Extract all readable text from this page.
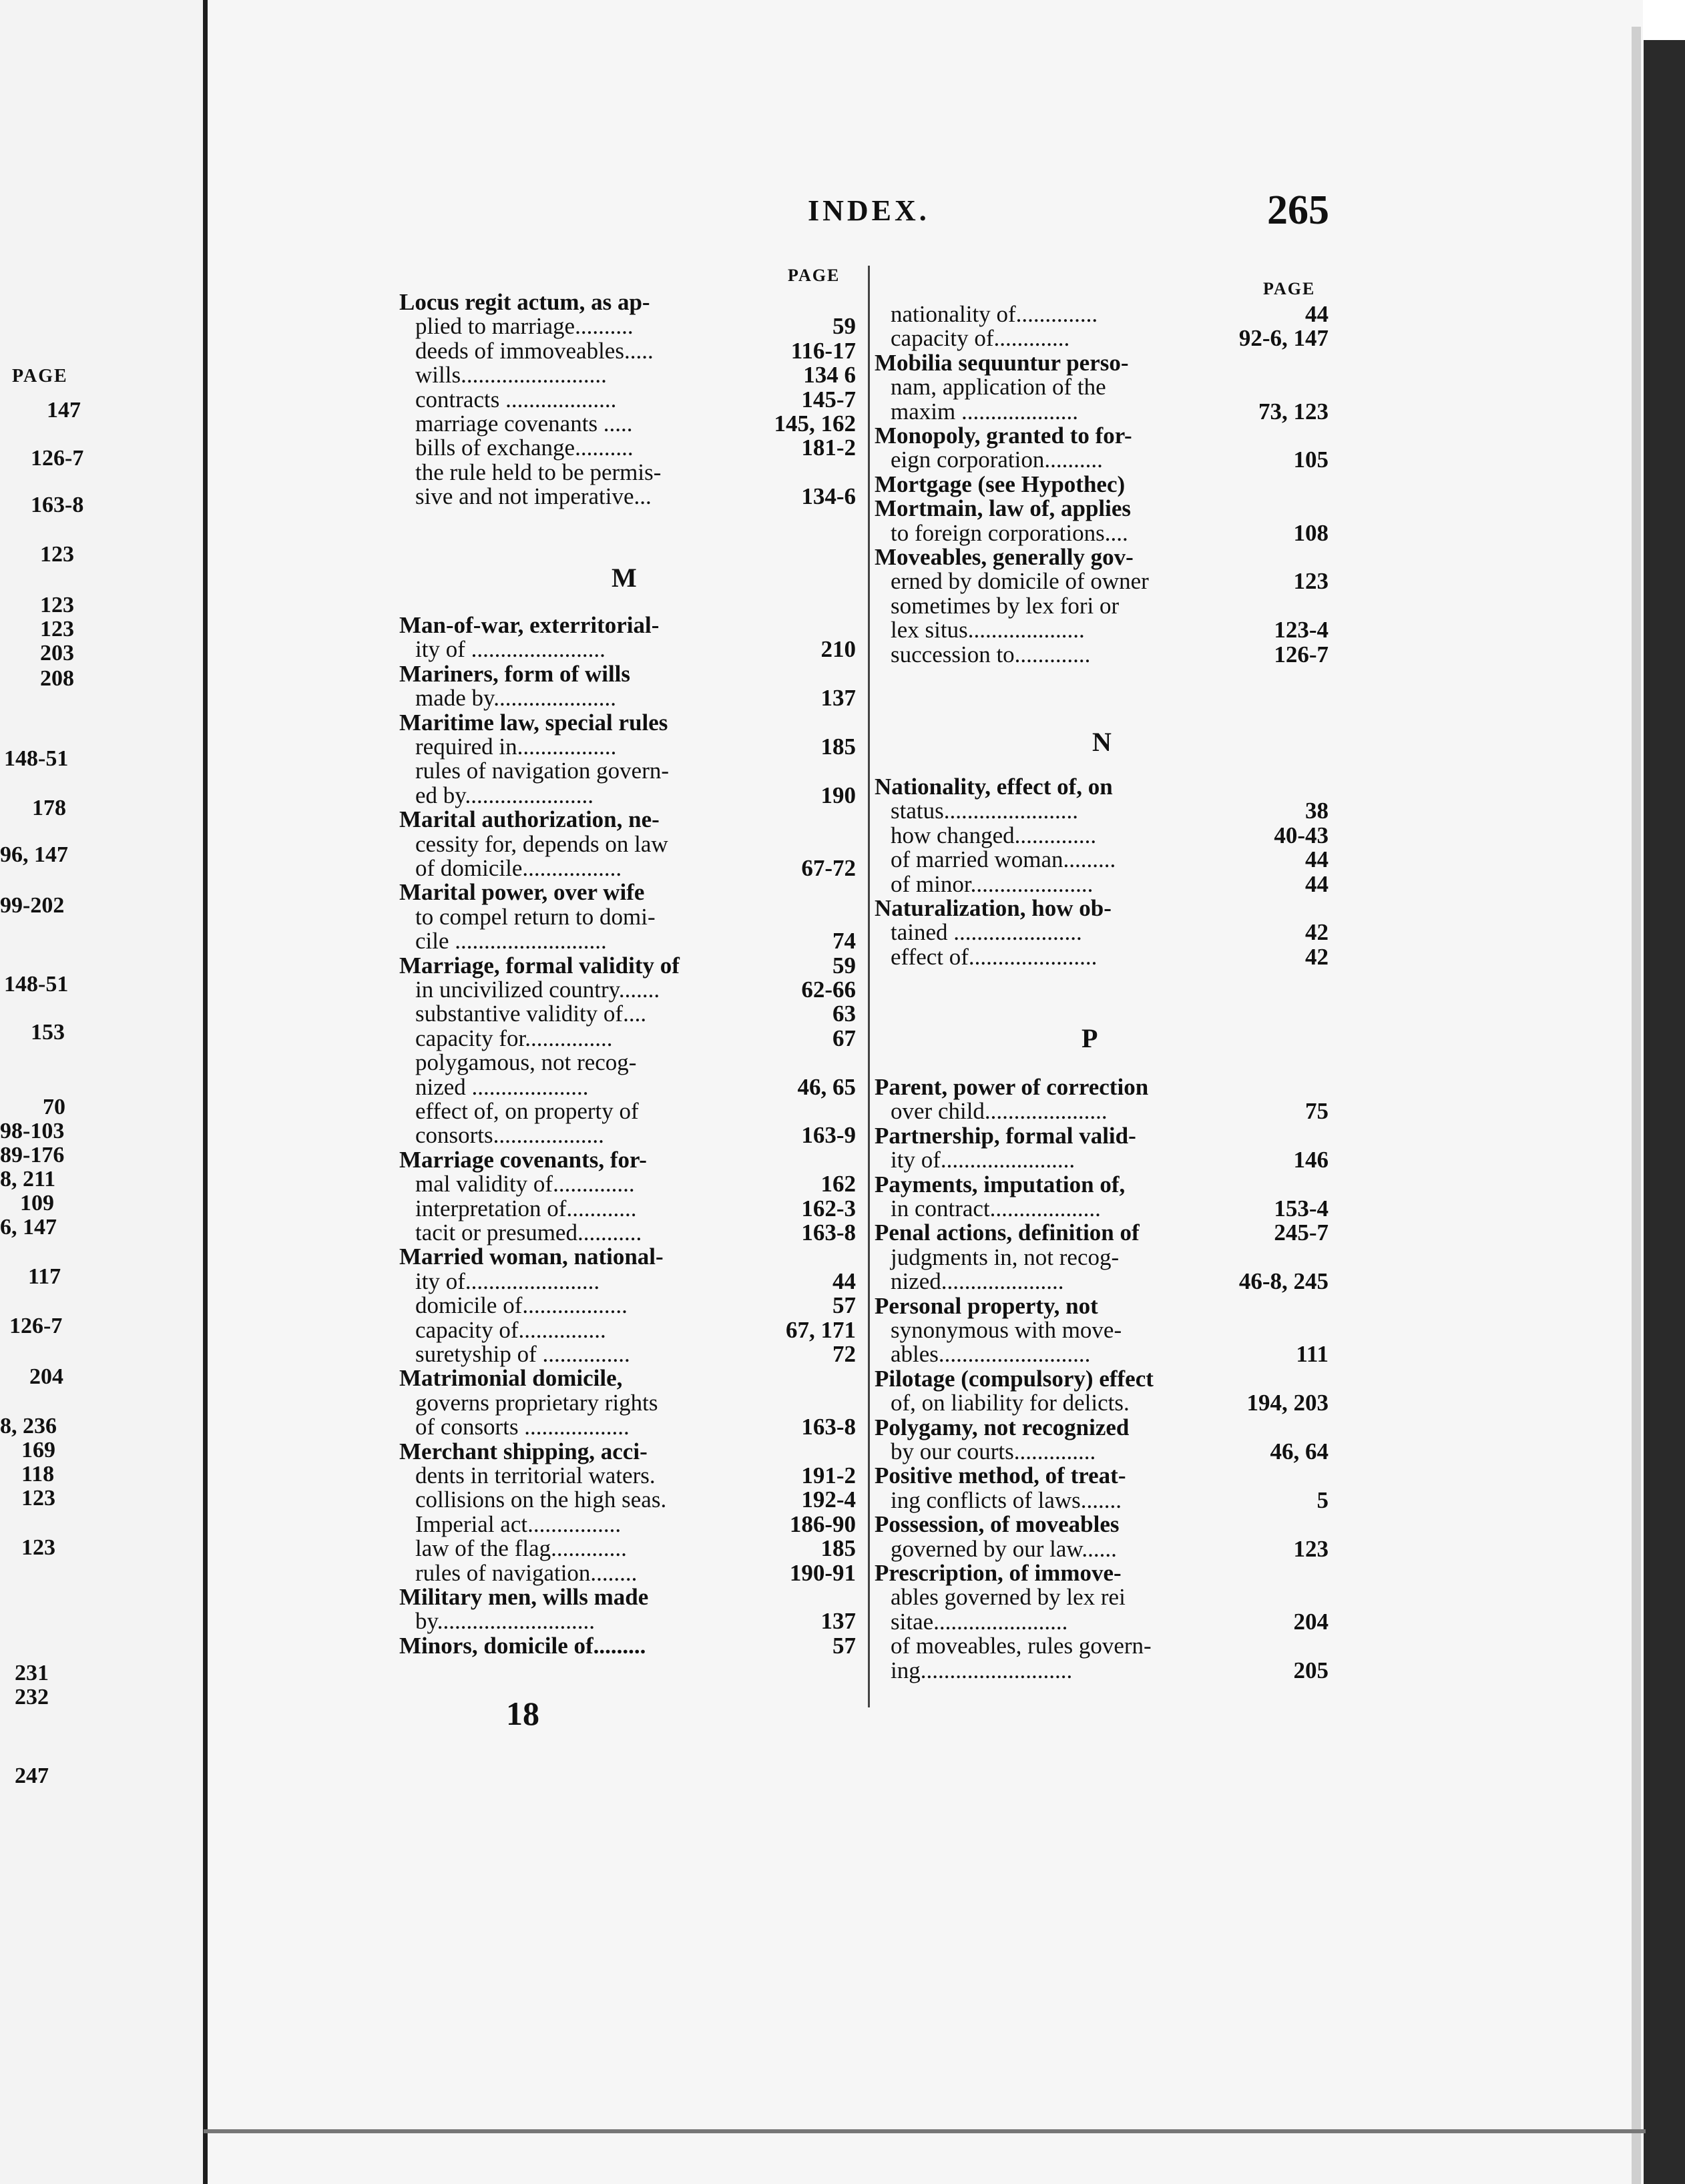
PAGE
147
126-7
163-8
123
123
123
203
208
148-51
178
96, 147
99-202
148-51
153
70
98-103
89-176
8, 211
109
6, 147
117
126-7
204
8, 236
169
118
123
123
231
232
247
INDEX.	265
PAGE
PAGE
Locus regit actum, as ap-
plied to marriage..........	59
deeds of immoveables.....	116-17
wills.........................	134 6
contracts ...................	145-7
marriage covenants .....	145, 162
bills of exchange..........	181-2
the rule held to be permis-
sive and not imperative...	134-6
Man-of-war, exterritorial-
ity of .......................	210
Mariners, form of wills
made by.....................	137
Maritime law, special rules
required in.................	185
rules of navigation govern-
ed by......................	190
Marital authorization, ne-
cessity for, depends on law
of domicile.................	67-72
Marital power, over wife
to compel return to domi-
cile ..........................	74
Marriage, formal validity of	59
in uncivilized country.......	62-66
substantive validity of....	63
capacity for...............	67
polygamous, not recog-
nized ....................	46, 65
effect of, on property of
consorts...................	163-9
Marriage covenants, for-
mal validity of..............	162
interpretation of............	162-3
tacit or presumed...........	163-8
Married woman, national-
ity of.......................	44
domicile of..................	57
capacity of...............	67, 171
suretyship of ...............	72
Matrimonial domicile,
governs proprietary rights
of consorts ..................	163-8
Merchant shipping, acci-
dents in territorial waters.	191-2
collisions on the high seas.	192-4
Imperial act................	186-90
law of the flag.............	185
rules of navigation........	190-91
Military men, wills made
by...........................	137
Minors, domicile of.........	57
M
nationality of..............	44
capacity of.............	92-6, 147
Mobilia sequuntur perso-
nam, application of the
maxim ....................	73, 123
Monopoly, granted to for-
eign corporation..........	105
Mortgage (see Hypothec)
Mortmain, law of, applies
to foreign corporations....	108
Moveables, generally gov-
erned by domicile of owner	123
sometimes by lex fori or
lex situs....................	123-4
succession to.............	126-7
Nationality, effect of, on
status.......................	38
how changed..............	40-43
of married woman.........	44
of minor.....................	44
Naturalization, how ob-
tained ......................	42
effect of......................	42
Parent, power of correction
over child.....................	75
Partnership, formal valid-
ity of.......................	146
Payments, imputation of,
in contract...................	153-4
Penal actions, definition of	245-7
judgments in, not recog-
nized.....................	46-8, 245
Personal property, not
synonymous with move-
ables..........................	111
Pilotage (compulsory) effect
of, on liability for delicts.	194, 203
Polygamy, not recognized
by our courts..............	46, 64
Positive method, of treat-
ing conflicts of laws.......	5
Possession, of moveables
governed by our law......	123
Prescription, of immove-
ables governed by lex rei
sitae.......................	204
of moveables, rules govern-
ing..........................	205
N
P
18
